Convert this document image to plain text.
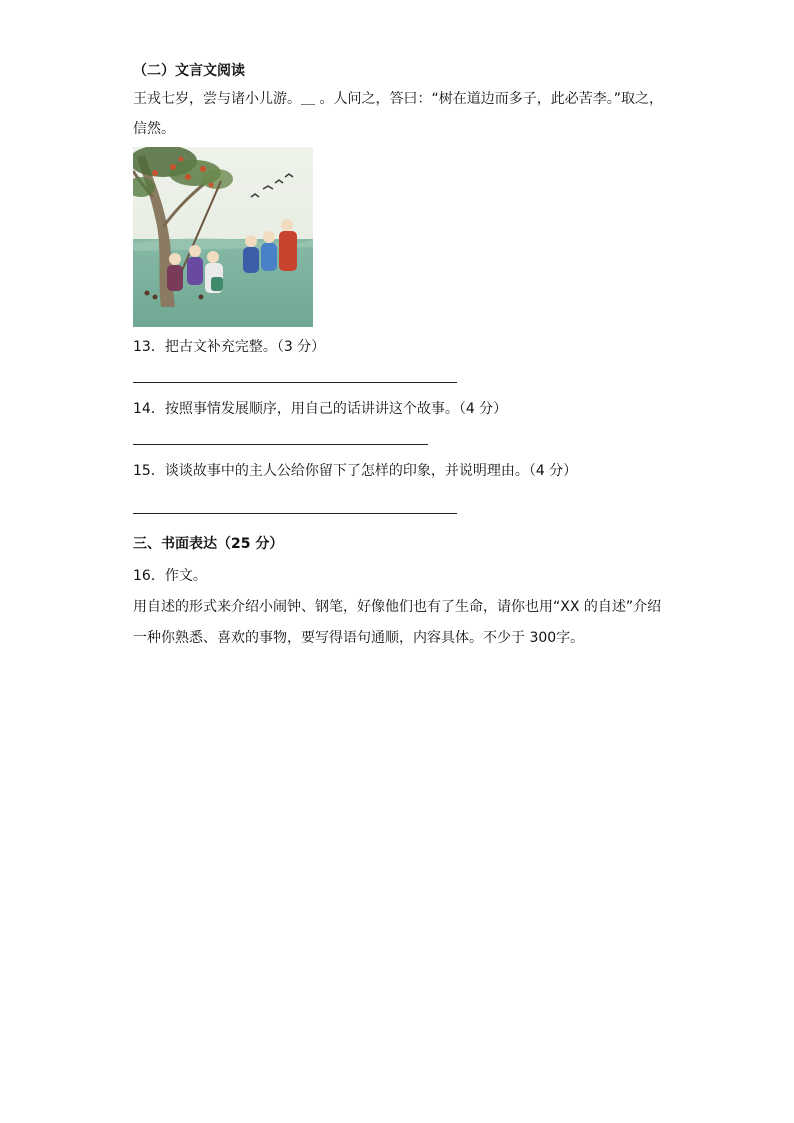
（二）文言文阅读
王戎七岁，尝与诸小儿游。＿ 。人问之，答曰：“树在道边而多子，此必苦李。”取之，
信然。
13．把古文补充完整。（3 分）
14．按照事情发展顺序，用自己的话讲讲这个故事。（4 分）
15．谈谈故事中的主人公给你留下了怎样的印象，并说明理由。（4 分）
三、书面表达（25 分）
16．作文。
用自述的形式来介绍小闹钟、钢笔，好像他们也有了生命，请你也用“XX 的自述”介绍
一种你熟悉、喜欢的事物，要写得语句通顺，内容具体。不少于 300字。
